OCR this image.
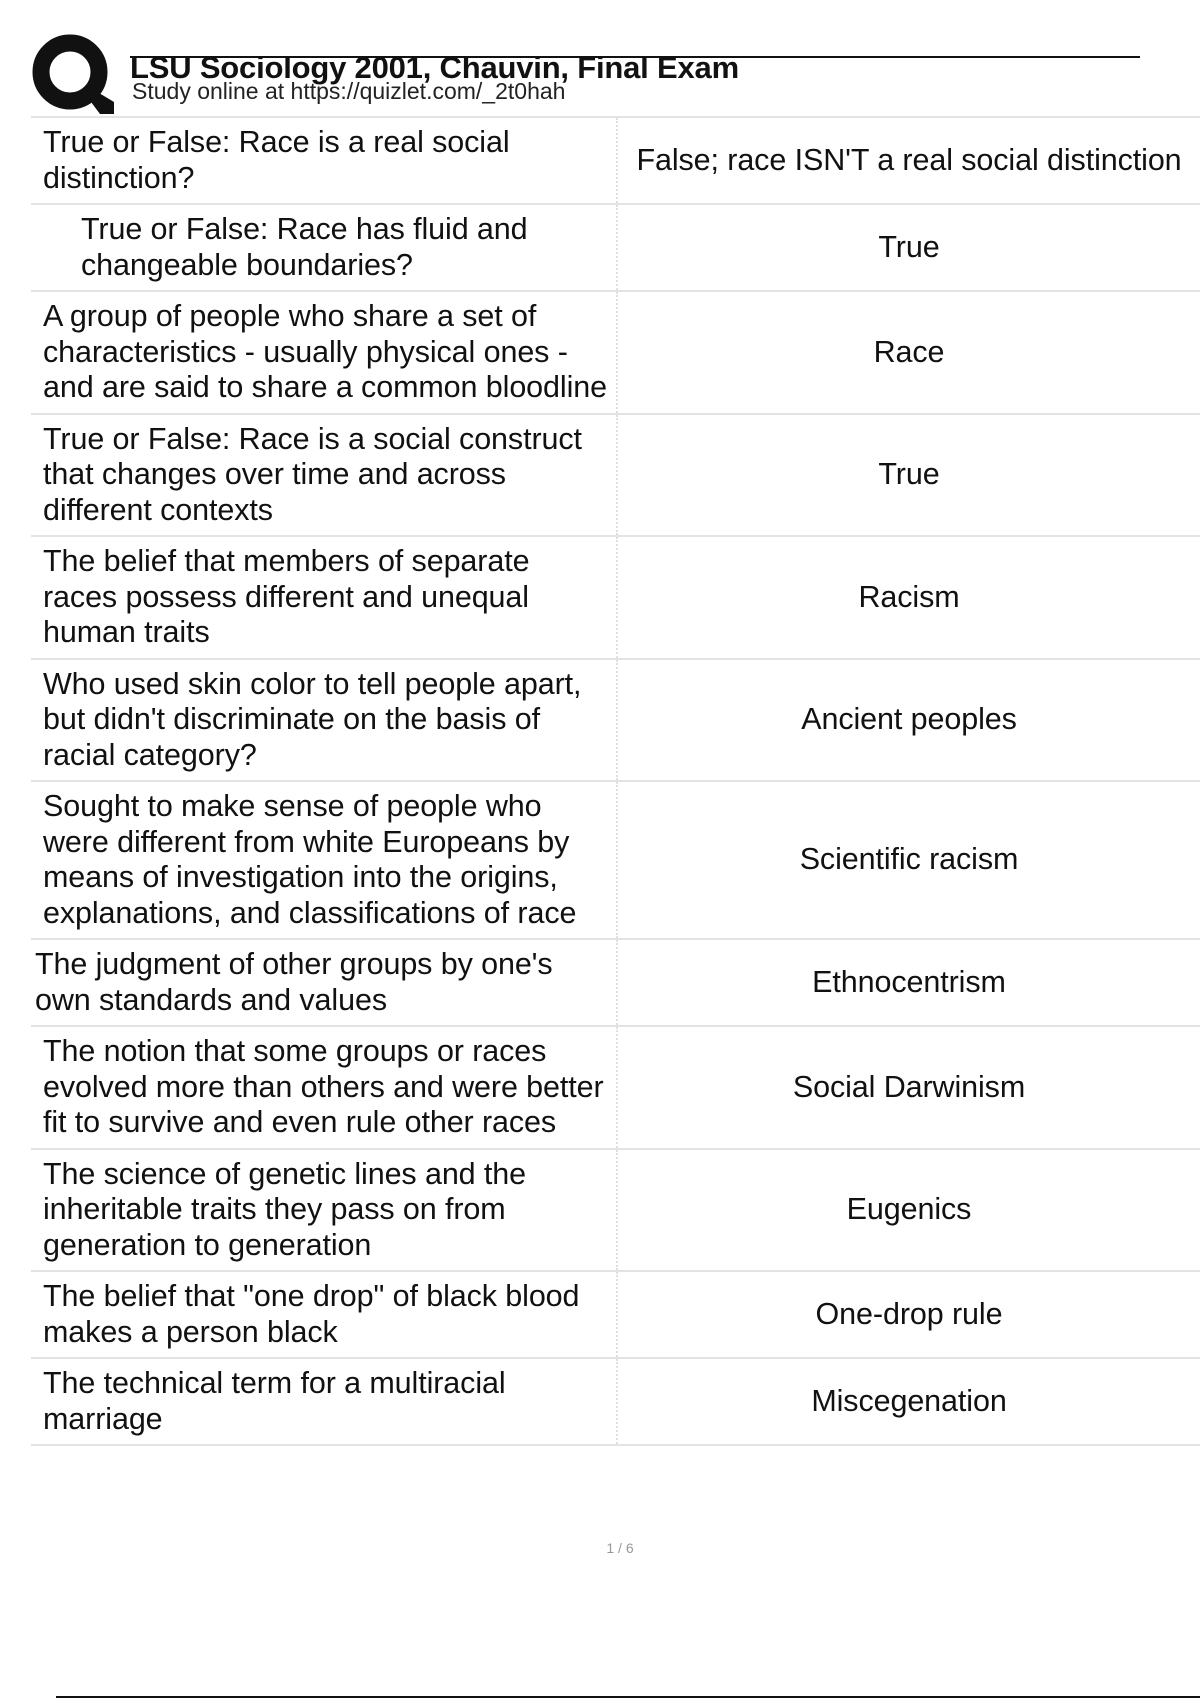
LSU Sociology 2001, Chauvin, Final Exam
Study online at https://quizlet.com/_2t0hah
True or False: Race is a real social distinction?
False; race ISN'T a real social distinction
True or False: Race has fluid and changeable boundaries?
True
A group of people who share a set of characteristics - usually physical ones - and are said to share a common bloodline
Race
True or False: Race is a social construct that changes over time and across different contexts
True
The belief that members of separate races possess different and unequal human traits
Racism
Who used skin color to tell people apart, but didn't discriminate on the basis of racial category?
Ancient peoples
Sought to make sense of people who were different from white Europeans by means of investigation into the origins, explanations, and classifications of race
Scientific racism
The judgment of other groups by one's own standards and values
Ethnocentrism
The notion that some groups or races evolved more than others and were better fit to survive and even rule other races
Social Darwinism
The science of genetic lines and the inheritable traits they pass on from generation to generation
Eugenics
The belief that "one drop" of black blood makes a person black
One-drop rule
The technical term for a multiracial marriage
Miscegenation
1 / 6
